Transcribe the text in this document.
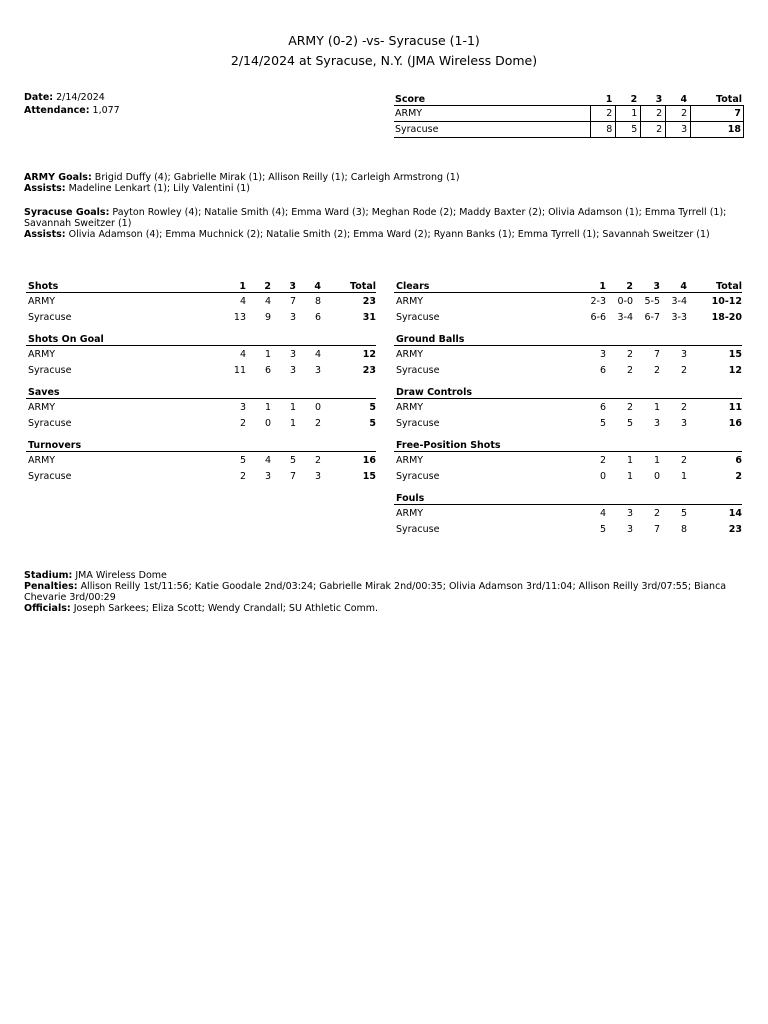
ARMY (0-2) -vs- Syracuse (1-1)
2/14/2024 at Syracuse, N.Y. (JMA Wireless Dome)
Date: 2/14/2024
Attendance: 1,077
Score	1	2	3	4	Total
ARMY	2	1	2	2	7
Syracuse	8	5	2	3	18
ARMY Goals: Brigid Duffy (4); Gabrielle Mirak (1); Allison Reilly (1); Carleigh Armstrong (1)
Assists: Madeline Lenkart (1); Lily Valentini (1)
Syracuse Goals: Payton Rowley (4); Natalie Smith (4); Emma Ward (3); Meghan Rode (2); Maddy Baxter (2); Olivia Adamson (1); Emma Tyrrell (1); Savannah Sweitzer (1)
Assists: Olivia Adamson (4); Emma Muchnick (2); Natalie Smith (2); Emma Ward (2); Ryann Banks (1); Emma Tyrrell (1); Savannah Sweitzer (1)
Shots	1	2	3	4	Total
ARMY	4	4	7	8	23
Syracuse	13	9	3	6	31
Shots On Goal
ARMY	4	1	3	4	12
Syracuse	11	6	3	3	23
Saves
ARMY	3	1	1	0	5
Syracuse	2	0	1	2	5
Turnovers
ARMY	5	4	5	2	16
Syracuse	2	3	7	3	15
Clears	1	2	3	4	Total
ARMY	2-3	0-0	5-5	3-4	10-12
Syracuse	6-6	3-4	6-7	3-3	18-20
Ground Balls
ARMY	3	2	7	3	15
Syracuse	6	2	2	2	12
Draw Controls
ARMY	6	2	1	2	11
Syracuse	5	5	3	3	16
Free-Position Shots
ARMY	2	1	1	2	6
Syracuse	0	1	0	1	2
Fouls
ARMY	4	3	2	5	14
Syracuse	5	3	7	8	23
Stadium: JMA Wireless Dome
Penalties: Allison Reilly 1st/11:56; Katie Goodale 2nd/03:24; Gabrielle Mirak 2nd/00:35; Olivia Adamson 3rd/11:04; Allison Reilly 3rd/07:55; Bianca Chevarie 3rd/00:29
Officials: Joseph Sarkees; Eliza Scott; Wendy Crandall; SU Athletic Comm.
